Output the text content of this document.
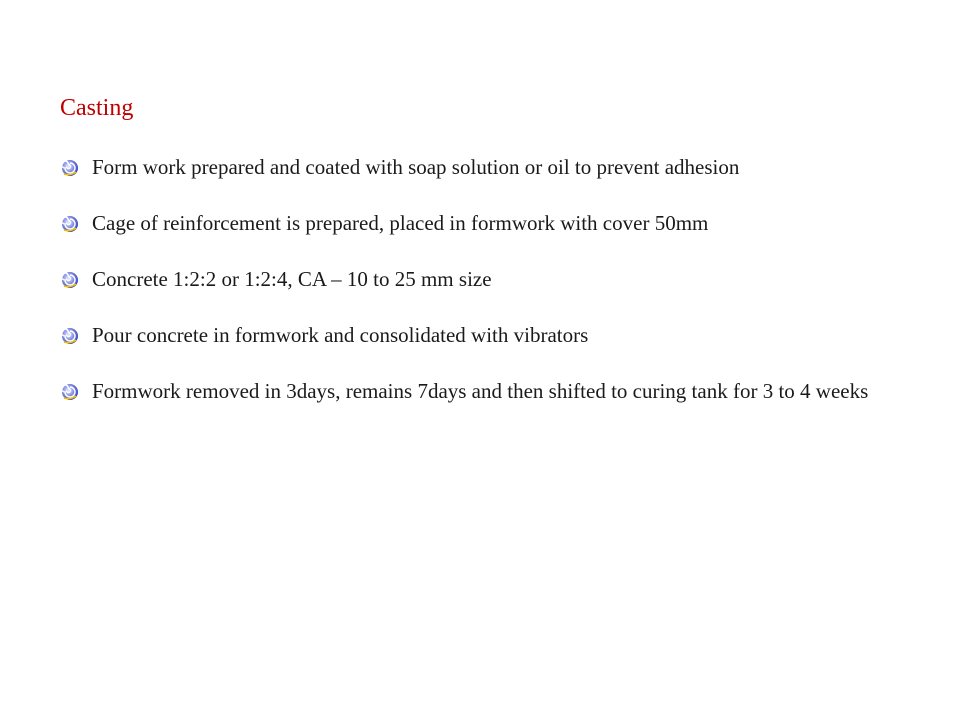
Casting
Form work prepared and coated with soap solution or oil to prevent adhesion
Cage of reinforcement is prepared, placed in formwork with cover 50mm
Concrete 1:2:2 or 1:2:4, CA – 10 to 25 mm size
Pour concrete in formwork and consolidated with vibrators
Formwork removed in 3days, remains 7days and then shifted to curing tank for 3 to 4 weeks
